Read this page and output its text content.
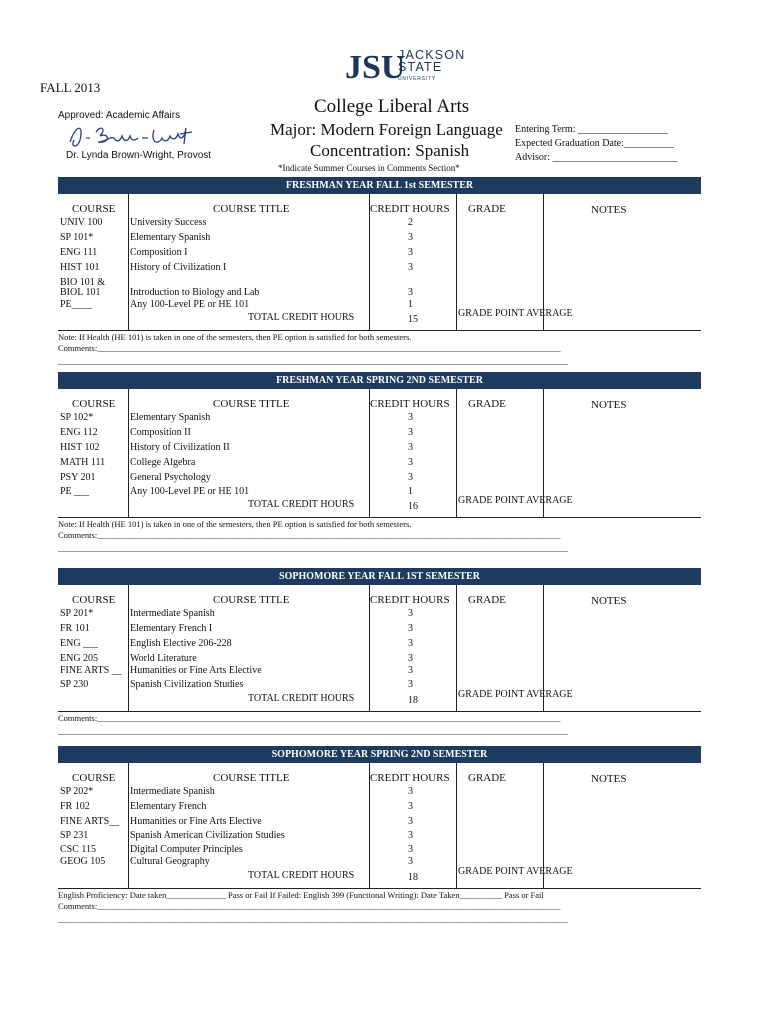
FALL 2013
JSU
JACKSON
STATE
UNIVERSITY
Approved: Academic Affairs
Dr. Lynda Brown-Wright, Provost
College Liberal Arts
Major: Modern Foreign Language
Concentration: Spanish
Entering Term: __________________
Expected Graduation Date:__________
Advisor: _________________________
*Indicate Summer Courses in Comments Section*
FRESHMAN YEAR FALL 1st SEMESTER
COURSE	COURSE TITLE	CREDIT HOURS GRADE	NOTES
UNIV 100	University Success	2
SP 101*	Elementary Spanish	3
ENG 111	Composition I	3
HIST 101	History of Civilization I	3
BIO 101 &
BIOL 101	Introduction to Biology and Lab	3
PE____	Any 100-Level PE or HE 101	1
TOTAL CREDIT HOURS	15
GRADE POINT AVERAGE
Note: If Health (HE 101) is taken in one of the semesters, then PE option is satisfied for both semesters.
Comments:_____________________________________________________________________________________________________________
________________________________________________________________________________________________________________________
FRESHMAN YEAR SPRING 2ND SEMESTER
COURSE	COURSE TITLE	CREDIT HOURS GRADE	NOTES
SP 102*	Elementary Spanish	3
ENG 112	Composition II	3
HIST 102	History of Civilization II	3
MATH 111 College Algebra	3
PSY 201	General Psychology	3
PE ___	Any 100-Level PE or HE 101	1
TOTAL CREDIT HOURS	16
GRADE POINT AVERAGE
Note: If Health (HE 101) is taken in one of the semesters, then PE option is satisfied for both semesters.
Comments:_____________________________________________________________________________________________________________
________________________________________________________________________________________________________________________
SOPHOMORE YEAR FALL 1ST SEMESTER
COURSE	COURSE TITLE	CREDIT HOURS GRADE	NOTES
SP 201*	Intermediate Spanish	3
FR 101	Elementary French I	3
ENG ___	English Elective 206-228	3
ENG 205	World Literature	3
FINE ARTS __ Humanities or Fine Arts Elective	3
SP 230	Spanish Civilization Studies	3
TOTAL CREDIT HOURS	18
GRADE POINT AVERAGE
Comments:_____________________________________________________________________________________________________________
________________________________________________________________________________________________________________________
SOPHOMORE YEAR SPRING 2ND SEMESTER
COURSE	COURSE TITLE	CREDIT HOURS GRADE	NOTES
SP 202*	Intermediate Spanish	3
FR 102	Elementary French	3
FINE ARTS__ Humanities or Fine Arts Elective	3
SP 231	Spanish American Civilization Studies	3
CSC 115	Digital Computer Principles	3
GEOG 105 Cultural Geography	3
TOTAL CREDIT HOURS	18
GRADE POINT AVERAGE
English Proficiency: Date taken______________ Pass or Fail If Failed: English 399 (Functional Writing): Date Taken__________ Pass or Fail
Comments:_____________________________________________________________________________________________________________
________________________________________________________________________________________________________________________
